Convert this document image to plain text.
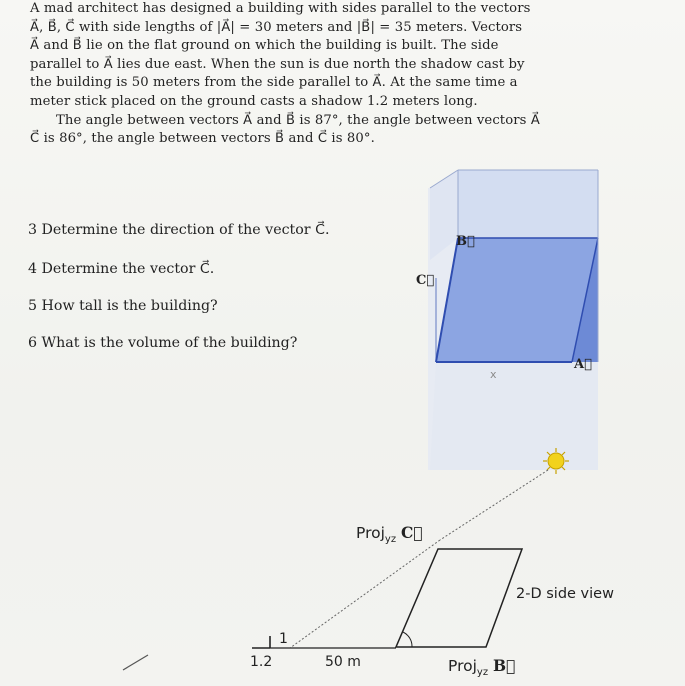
A mad architect has designed a building with sides parallel to the vectors
A⃗, B⃗, C⃗ with side lengths of |A⃗| = 30 meters and |B⃗| = 35 meters. Vectors
A⃗ and B⃗ lie on the flat ground on which the building is built. The side
parallel to A⃗ lies due east. When the sun is due north the shadow cast by
the building is 50 meters from the side parallel to A⃗. At the same time a
meter stick placed on the ground casts a shadow 1.2 meters long.
The angle between vectors A⃗ and B⃗ is 87°, the angle between vectors A⃗
C⃗ is 86°, the angle between vectors B⃗ and C⃗ is 80°.
3 Determine the direction of the vector C⃗.
4 Determine the vector C⃗.
5 How tall is the building?
6 What is the volume of the building?
x
B⃗
C⃗
A⃗
Proj$_{yz}$ C⃗
Proj$_{yz}$ B⃗
2-D side view
1
1.2	50 m
